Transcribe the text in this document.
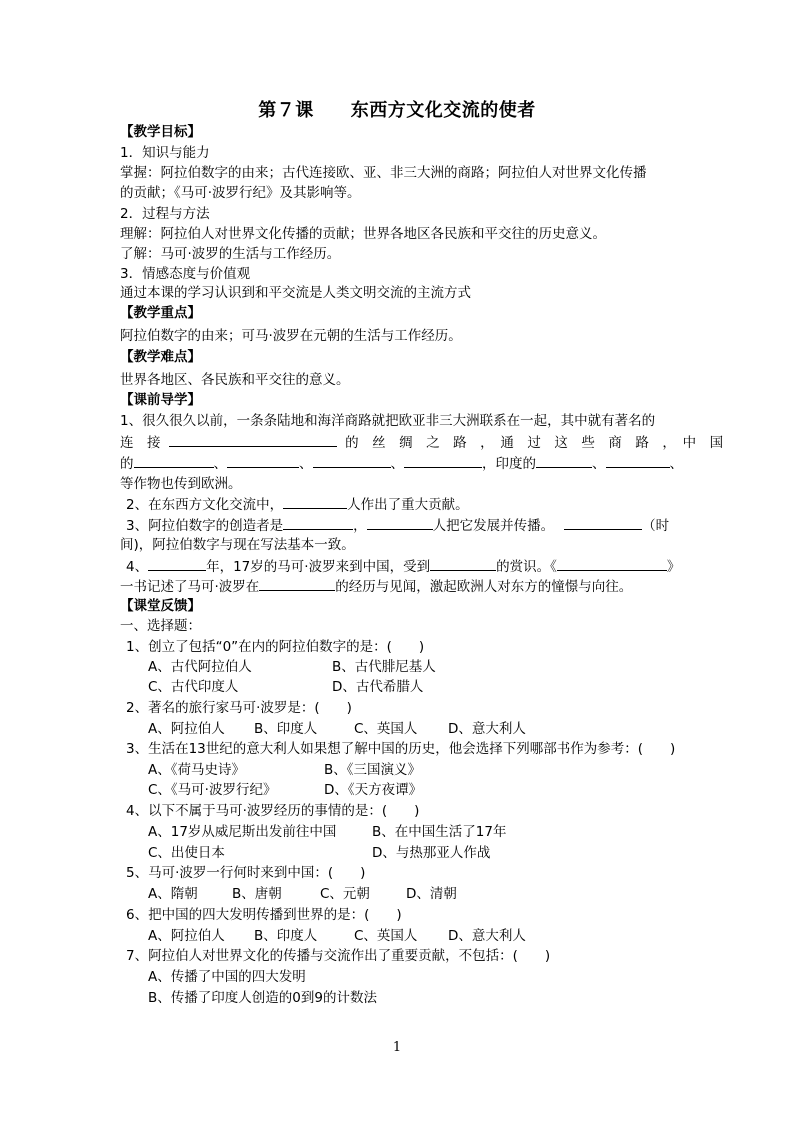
第７课　　东西方文化交流的使者
【教学目标】
1．知识与能力
掌握：阿拉伯数字的由来；古代连接欧、亚、非三大洲的商路；阿拉伯人对世界文化传播
的贡献；《马可·波罗行纪》及其影响等。
2．过程与方法
理解：阿拉伯人对世界文化传播的贡献；世界各地区各民族和平交往的历史意义。
了解：马可·波罗的生活与工作经历。
3．情感态度与价值观
通过本课的学习认识到和平交流是人类文明交流的主流方式
【教学重点】
阿拉伯数字的由来；可马·波罗在元朝的生活与工作经历。
【教学难点】
世界各地区、各民族和平交往的意义。
【课前导学】
1、很久很久以前，一条条陆地和海洋商路就把欧亚非三大洲联系在一起，其中就有著名的
连　接	的　丝　绸　之　路　，　通　过　这　些　商　路　，　中　国
的	、	、	、	，印度的	、	、
等作物也传到欧洲。
2、在东西方文化交流中，	人作出了重大贡献。
3、阿拉伯数字的创造者是	，	人把它发展并传播。	（时
间)，阿拉伯数字与现在写法基本一致。
4、	年，17岁的马可·波罗来到中国，受到	的赏识。《	》
一书记述了马可·波罗在	的经历与见闻，激起欧洲人对东方的憧憬与向往。
【课堂反馈】
一、选择题：
1、创立了包括“0”在内的阿拉伯数字的是：(　　)
A、古代阿拉伯人	B、古代腓尼基人
C、古代印度人	D、古代希腊人
2、著名的旅行家马可·波罗是：(　　)
A、阿拉伯人 B、印度人	C、英国人 D、意大利人
3、生活在13世纪的意大利人如果想了解中国的历史，他会选择下列哪部书作为参考：(　　)
A、《荷马史诗》	B、《三国演义》
C、《马可·波罗行纪》	D、《天方夜谭》
4、以下不属于马可·波罗经历的事情的是：(　　)
A、17岁从威尼斯出发前往中国	B、在中国生活了17年
C、出使日本	D、与热那亚人作战
5、马可·波罗一行何时来到中国：(　　)
A、隋朝	B、唐朝	C、元朝	D、清朝
6、把中国的四大发明传播到世界的是：(　　)
A、阿拉伯人 B、印度人	C、英国人 D、意大利人
7、阿拉伯人对世界文化的传播与交流作出了重要贡献，不包括：(　　)
A、传播了中国的四大发明
B、传播了印度人创造的0到9的计数法
1
